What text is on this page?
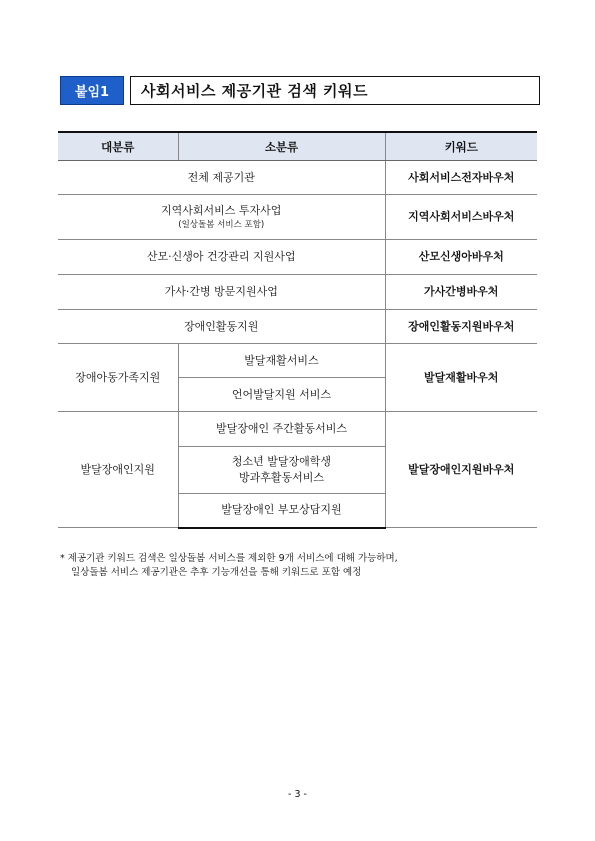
붙임1	사회서비스 제공기관 검색 키워드
대분류	소분류	키워드
전체 제공기관		사회서비스전자바우처
지역사회서비스 투자사업
(일상돌봄 서비스 포함)		지역사회서비스바우처
산모·신생아 건강관리 지원사업		산모신생아바우처
가사·간병 방문지원사업		가사간병바우처
장애인활동지원		장애인활동지원바우처
장애아동가족지원	발달재활서비스	발달재활바우처
	언어발달지원 서비스	
발달장애인지원	발달장애인 주간활동서비스	발달장애인지원바우처
	청소년 발달장애학생
방과후활동서비스	
	발달장애인 부모상담지원	
* 제공기관 키워드 검색은 일상돌봄 서비스를 제외한 9개 서비스에 대해 가능하며,
일상돌봄 서비스 제공기관은 추후 기능개선을 통해 키워드로 포함 예정
- 3 -
